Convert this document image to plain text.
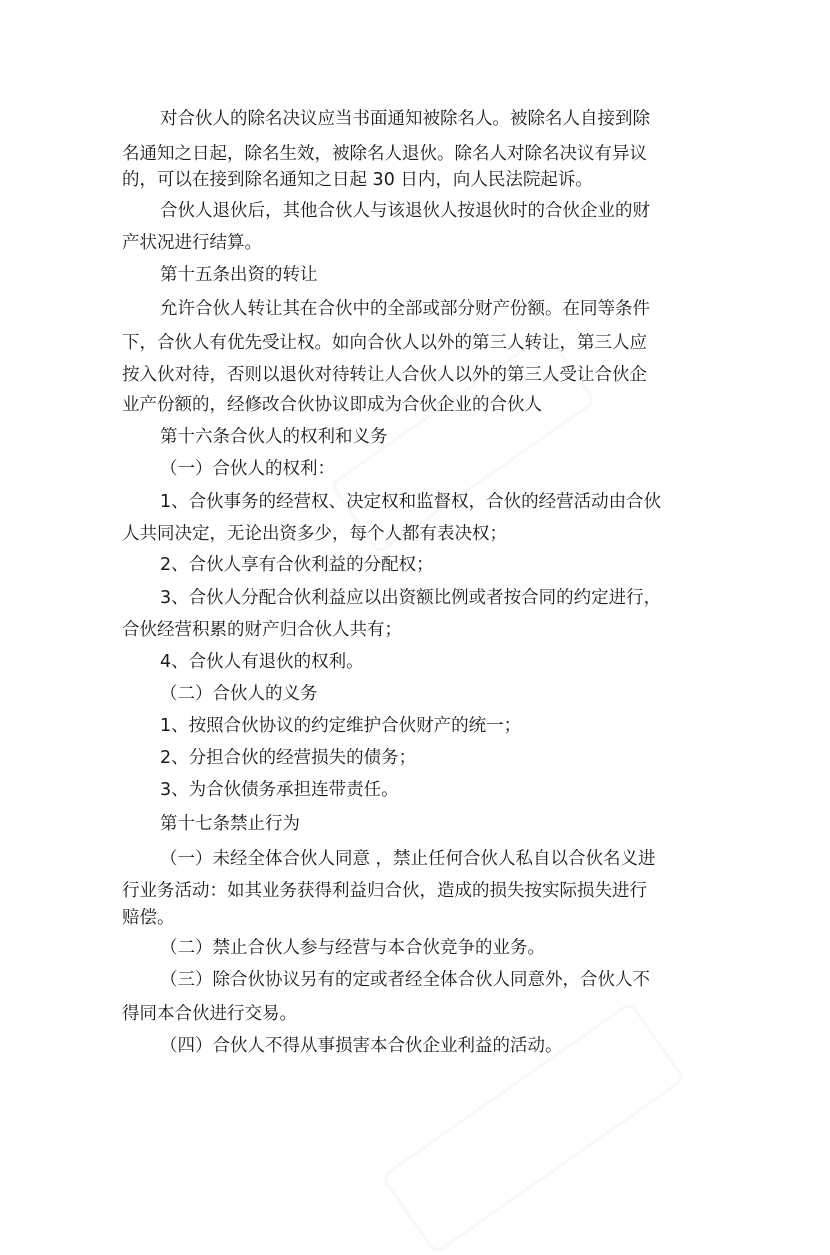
对合伙人的除名决议应当书面通知被除名人。被除名人自接到除

名通知之日起，除名生效，被除名人退伙。除名人对除名决议有异议

的，可以在接到除名通知之日起 30 日内，向人民法院起诉。

合伙人退伙后，其他合伙人与该退伙人按退伙时的合伙企业的财

产状况进行结算。

第十五条出资的转让

允许合伙人转让其在合伙中的全部或部分财产份额。在同等条件

下，合伙人有优先受让权。如向合伙人以外的第三人转让，第三人应

按入伙对待，否则以退伙对待转让人合伙人以外的第三人受让合伙企

业产份额的，经修改合伙协议即成为合伙企业的合伙人

第十六条合伙人的权利和义务

（一）合伙人的权利：

1、合伙事务的经营权、决定权和监督权，合伙的经营活动由合伙

人共同决定，无论出资多少，每个人都有表决权；

2、合伙人享有合伙利益的分配权；

3、合伙人分配合伙利益应以出资额比例或者按合同的约定进行，

合伙经营积累的财产归合伙人共有；

4、合伙人有退伙的权利。

（二）合伙人的义务

1、按照合伙协议的约定维护合伙财产的统一；

2、分担合伙的经营损失的债务；

3、为合伙债务承担连带责任。

第十七条禁止行为

（一）未经全体合伙人同意 ，禁止任何合伙人私自以合伙名义进

行业务活动：如其业务获得利益归合伙，造成的损失按实际损失进行

赔偿。

（二）禁止合伙人参与经营与本合伙竞争的业务。

（三）除合伙协议另有的定或者经全体合伙人同意外，合伙人不

得同本合伙进行交易。

（四）合伙人不得从事损害本合伙企业利益的活动。
